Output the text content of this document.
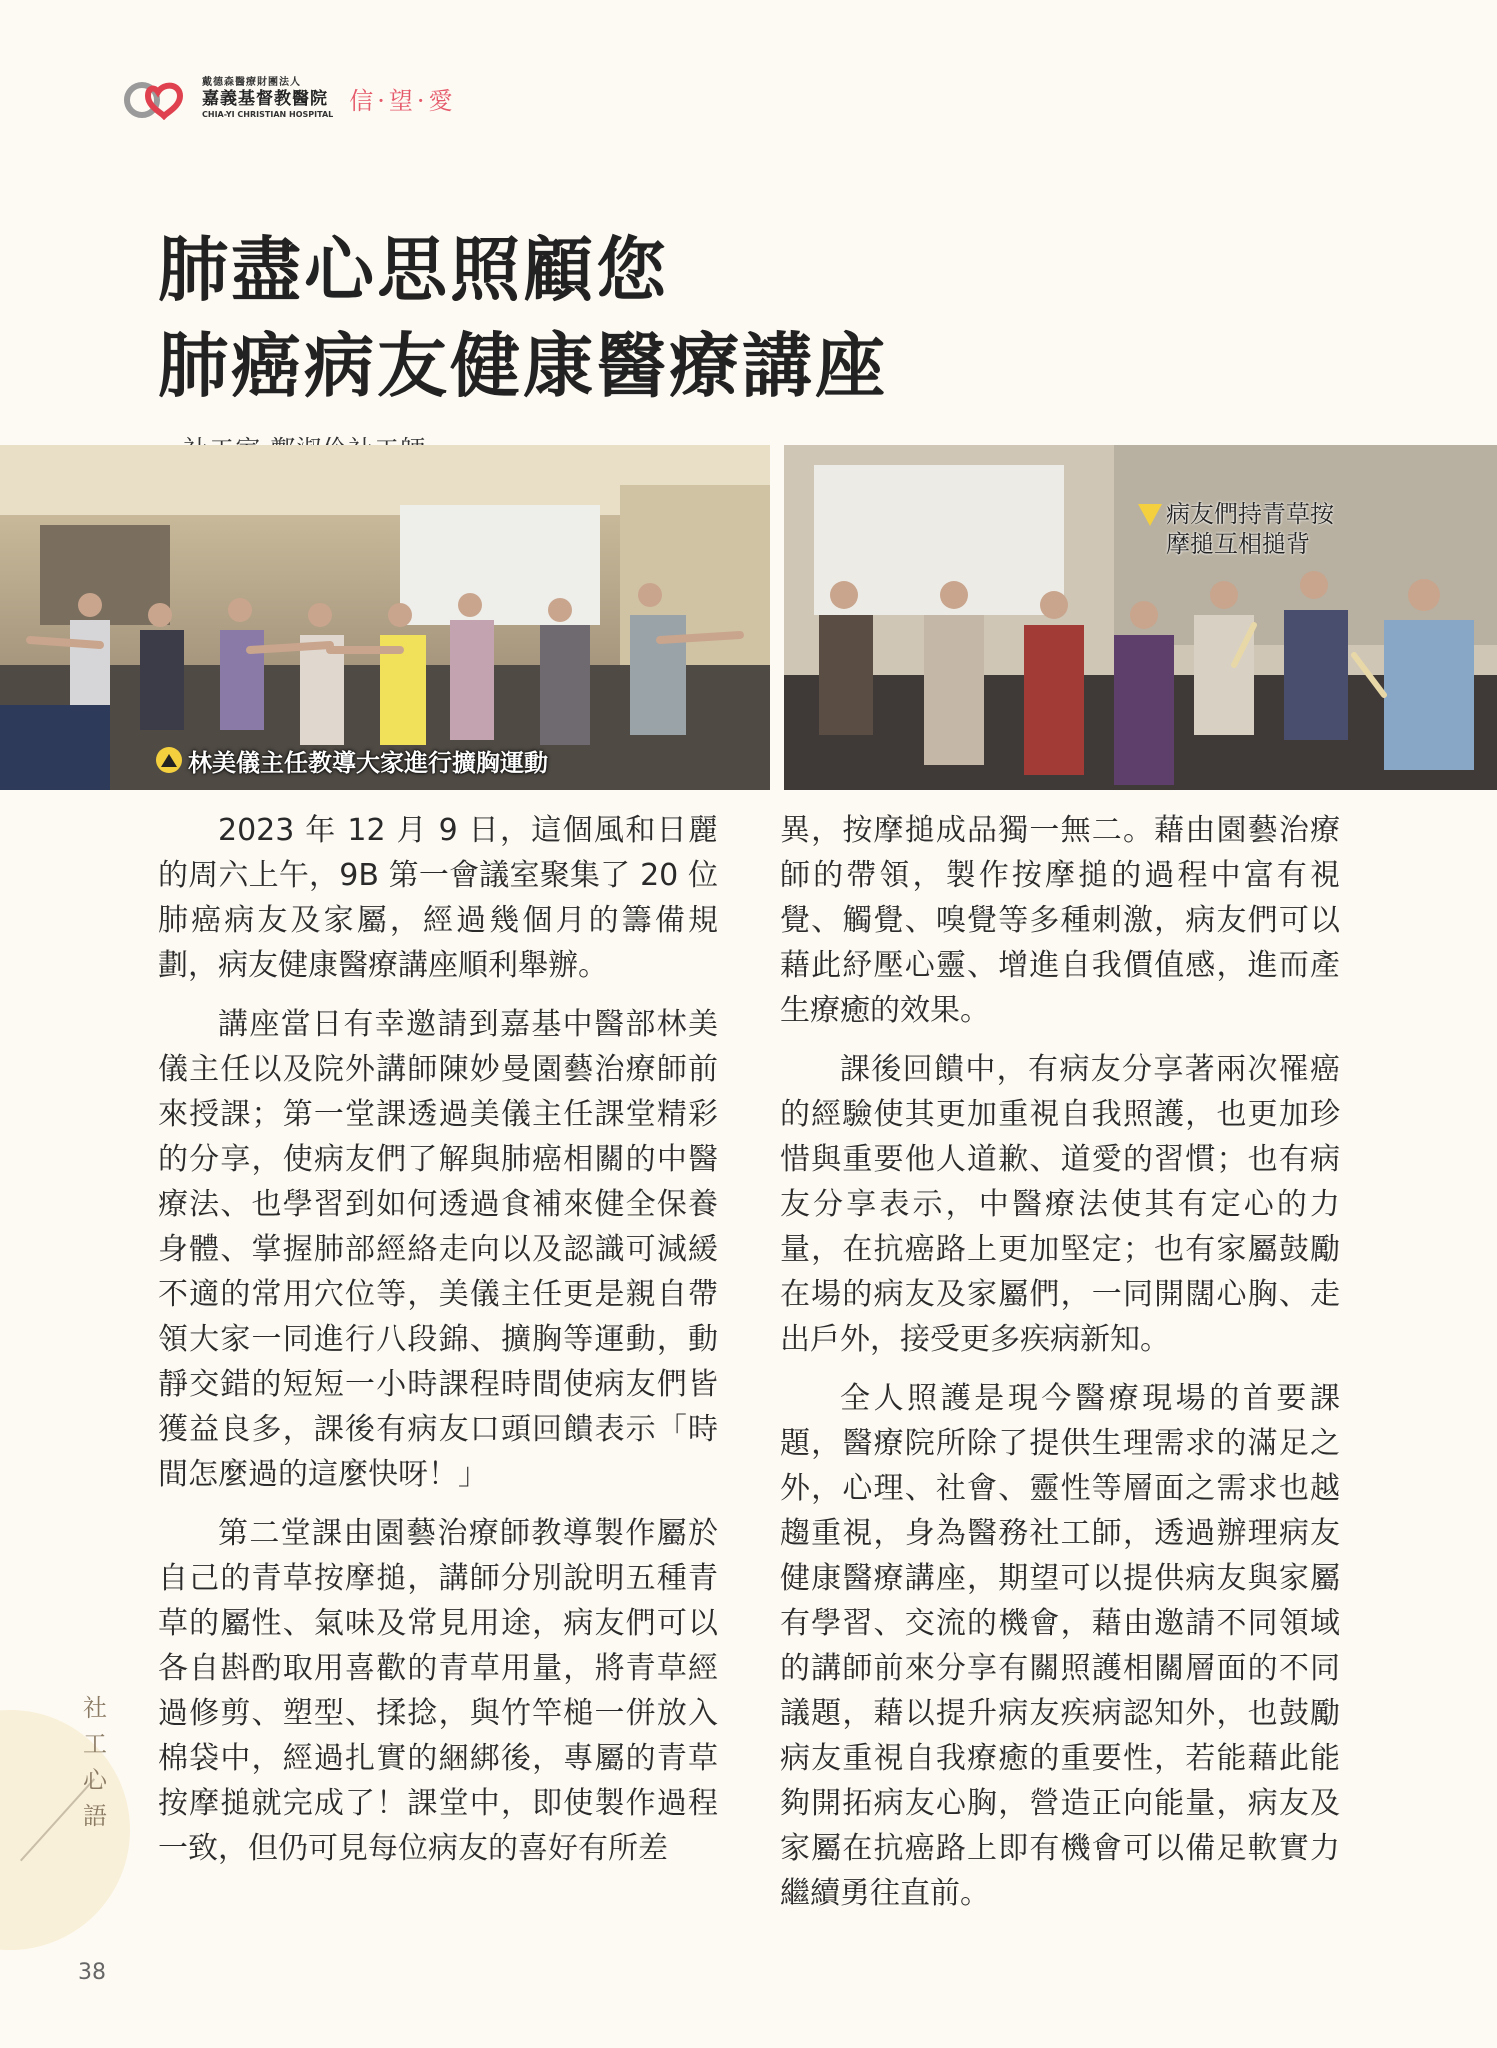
戴德森醫療財團法人
嘉義基督教醫院
CHIA-YI CHRISTIAN HOSPITAL 信·望·愛
肺盡心思照顧您
肺癌病友健康醫療講座
林美儀主任教導大家進行擴胸運動
病友們持青草按
摩搥互相搥背

2023 年 12 月 9 日，這個風和日麗的周六上午，9B 第一會議室聚集了 20 位肺癌病友及家屬，經過幾個月的籌備規劃，病友健康醫療講座順利舉辦。

講座當日有幸邀請到嘉基中醫部林美儀主任以及院外講師陳妙曼園藝治療師前來授課；第一堂課透過美儀主任課堂精彩的分享，使病友們了解與肺癌相關的中醫療法、也學習到如何透過食補來健全保養身體、掌握肺部經絡走向以及認識可減緩不適的常用穴位等，美儀主任更是親自帶領大家一同進行八段錦、擴胸等運動，動靜交錯的短短一小時課程時間使病友們皆獲益良多，課後有病友口頭回饋表示「時間怎麼過的這麼快呀！」

第二堂課由園藝治療師教導製作屬於自己的青草按摩搥，講師分別說明五種青草的屬性、氣味及常見用途，病友們可以各自斟酌取用喜歡的青草用量，將青草經過修剪、塑型、揉捻，與竹竿槌一併放入棉袋中，經過扎實的綑綁後，專屬的青草按摩搥就完成了！課堂中，即使製作過程一致，但仍可見每位病友的喜好有所差

異，按摩搥成品獨一無二。藉由園藝治療師的帶領，製作按摩搥的過程中富有視覺、觸覺、嗅覺等多種刺激，病友們可以藉此紓壓心靈、增進自我價值感，進而產生療癒的效果。

課後回饋中，有病友分享著兩次罹癌的經驗使其更加重視自我照護，也更加珍惜與重要他人道歉、道愛的習慣；也有病友分享表示，中醫療法使其有定心的力量，在抗癌路上更加堅定；也有家屬鼓勵在場的病友及家屬們，一同開闊心胸、走出戶外，接受更多疾病新知。

全人照護是現今醫療現場的首要課題，醫療院所除了提供生理需求的滿足之外，心理、社會、靈性等層面之需求也越趨重視，身為醫務社工師，透過辦理病友健康醫療講座，期望可以提供病友與家屬有學習、交流的機會，藉由邀請不同領域的講師前來分享有關照護相關層面的不同議題，藉以提升病友疾病認知外，也鼓勵病友重視自我療癒的重要性，若能藉此能夠開拓病友心胸，營造正向能量，病友及家屬在抗癌路上即有機會可以備足軟實力繼續勇往直前。

社
工
心
語
38
